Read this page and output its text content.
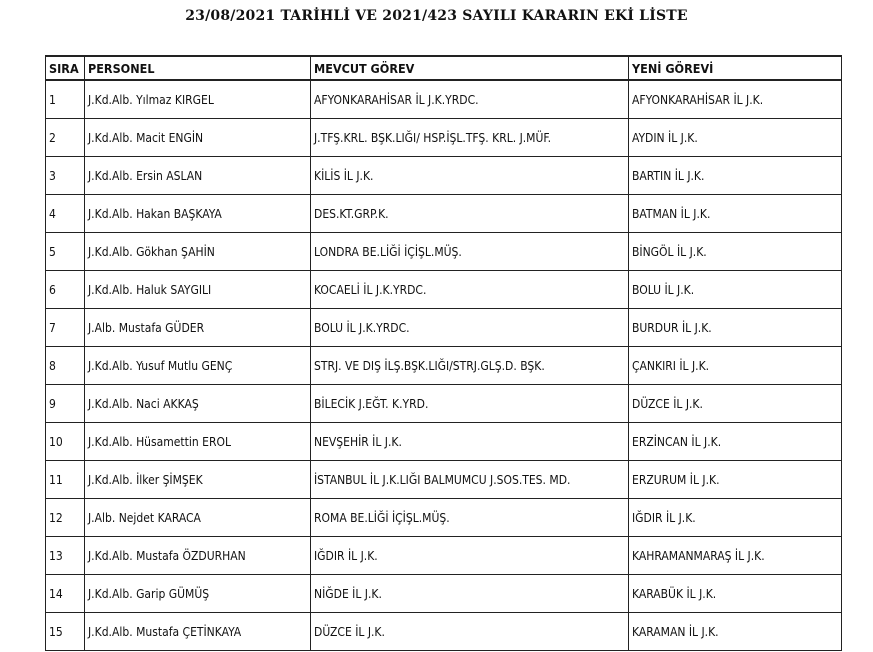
23/08/2021 TARİHLİ VE 2021/423 SAYILI KARARIN EKİ LİSTE
SIRA	PERSONEL	MEVCUT GÖREV	YENİ GÖREVİ
1	J.Kd.Alb. Yılmaz KIRGEL	AFYONKARAHİSAR İL J.K.YRDC.	AFYONKARAHİSAR İL J.K.
2	J.Kd.Alb. Macit ENGİN	J.TFŞ.KRL. BŞK.LIĞI/ HSP.İŞL.TFŞ. KRL. J.MÜF.	AYDIN İL J.K.
3	J.Kd.Alb. Ersin ASLAN	KİLİS İL J.K.	BARTIN İL J.K.
4	J.Kd.Alb. Hakan BAŞKAYA	DES.KT.GRP.K.	BATMAN İL J.K.
5	J.Kd.Alb. Gökhan ŞAHİN	LONDRA BE.LİĞİ İÇİŞL.MÜŞ.	BİNGÖL İL J.K.
6	J.Kd.Alb. Haluk SAYGILI	KOCAELİ İL J.K.YRDC.	BOLU İL J.K.
7	J.Alb. Mustafa GÜDER	BOLU İL J.K.YRDC.	BURDUR İL J.K.
8	J.Kd.Alb. Yusuf Mutlu GENÇ	STRJ. VE DIŞ İLŞ.BŞK.LIĞI/STRJ.GLŞ.D. BŞK.	ÇANKIRI İL J.K.
9	J.Kd.Alb. Naci AKKAŞ	BİLECİK J.EĞT. K.YRD.	DÜZCE İL J.K.
10	J.Kd.Alb. Hüsamettin EROL	NEVŞEHİR İL J.K.	ERZİNCAN İL J.K.
11	J.Kd.Alb. İlker ŞİMŞEK	İSTANBUL İL J.K.LIĞI BALMUMCU J.SOS.TES. MD.	ERZURUM İL J.K.
12	J.Alb. Nejdet KARACA	ROMA BE.LİĞİ İÇİŞL.MÜŞ.	IĞDIR İL J.K.
13	J.Kd.Alb. Mustafa ÖZDURHAN	IĞDIR İL J.K.	KAHRAMANMARAŞ İL J.K.
14	J.Kd.Alb. Garip GÜMÜŞ	NİĞDE İL J.K.	KARABÜK İL J.K.
15	J.Kd.Alb. Mustafa ÇETİNKAYA	DÜZCE İL J.K.	KARAMAN İL J.K.
